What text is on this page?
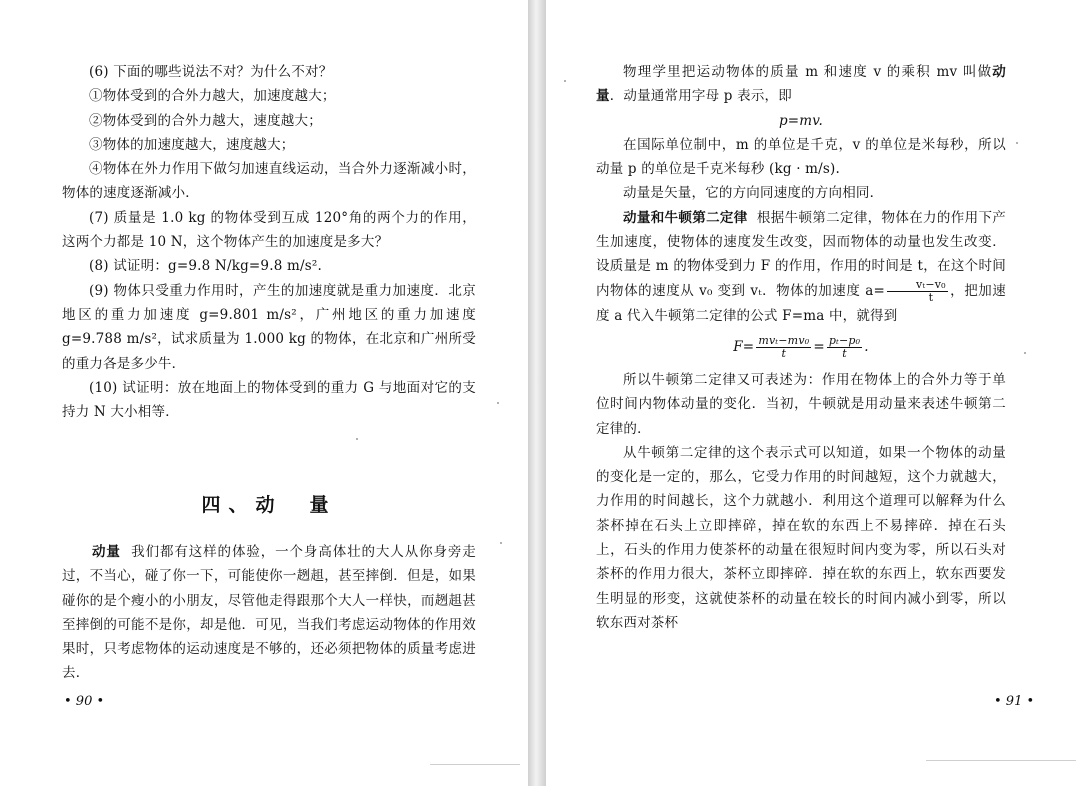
(6) 下面的哪些说法不对？为什么不对？

①物体受到的合外力越大，加速度越大；

②物体受到的合外力越大，速度越大；

③物体的加速度越大，速度越大；

④物体在外力作用下做匀加速直线运动，当合外力逐渐减小时，物体的速度逐渐减小．

(7) 质量是 1.0 kg 的物体受到互成 120°角的两个力的作用，这两个力都是 10 N，这个物体产生的加速度是多大？

(8) 试证明：g=9.8 N/kg=9.8 m/s².

(9) 物体只受重力作用时，产生的加速度就是重力加速度．北京地区的重力加速度 g=9.801 m/s²，广州地区的重力加速度 g=9.788 m/s²，试求质量为 1.000 kg 的物体，在北京和广州所受的重力各是多少牛．

(10) 试证明：放在地面上的物体受到的重力 G 与地面对它的支持力 N 大小相等．

四、动　量

动量 我们都有这样的体验，一个身高体壮的大人从你身旁走过，不当心，碰了你一下，可能使你一趔趄，甚至摔倒．但是，如果碰你的是个瘦小的小朋友，尽管他走得跟那个大人一样快，而趔趄甚至摔倒的可能不是你，却是他．可见，当我们考虑运动物体的作用效果时，只考虑物体的运动速度是不够的，还必须把物体的质量考虑进去．

• 90 •

物理学里把运动物体的质量 m 和速度 v 的乘积 mv 叫做动量．动量通常用字母 p 表示，即

p=mv.

在国际单位制中，m 的单位是千克，v 的单位是米每秒，所以动量 p 的单位是千克米每秒 (kg · m/s).

动量是矢量，它的方向同速度的方向相同．

动量和牛顿第二定律 根据牛顿第二定律，物体在力的作用下产生加速度，使物体的速度发生改变，因而物体的动量也发生改变．设质量是 m 的物体受到力 F 的作用，作用的时间是 t，在这个时间内物体的速度从 v₀ 变到 vₜ．物体的加速度 $a= \frac{\text{vₜ−v₀}}{t}$ ，把加速度 a 代入牛顿第二定律的公式 F=ma 中，就得到

$F= \frac{\text{mvₜ−mv₀}}{t} = \frac{\text{pₜ−p₀}}{t}$ .

所以牛顿第二定律又可表述为：作用在物体上的合外力等于单位时间内物体动量的变化．当初，牛顿就是用动量来表述牛顿第二定律的．

从牛顿第二定律的这个表示式可以知道，如果一个物体的动量的变化是一定的，那么，它受力作用的时间越短，这个力就越大，力作用的时间越长，这个力就越小．利用这个道理可以解释为什么茶杯掉在石头上立即摔碎，掉在软的东西上不易摔碎．掉在石头上，石头的作用力使茶杯的动量在很短时间内变为零，所以石头对茶杯的作用力很大，茶杯立即摔碎．掉在软的东西上，软东西要发生明显的形变，这就使茶杯的动量在较长的时间内减小到零，所以软东西对茶杯

• 91 •
